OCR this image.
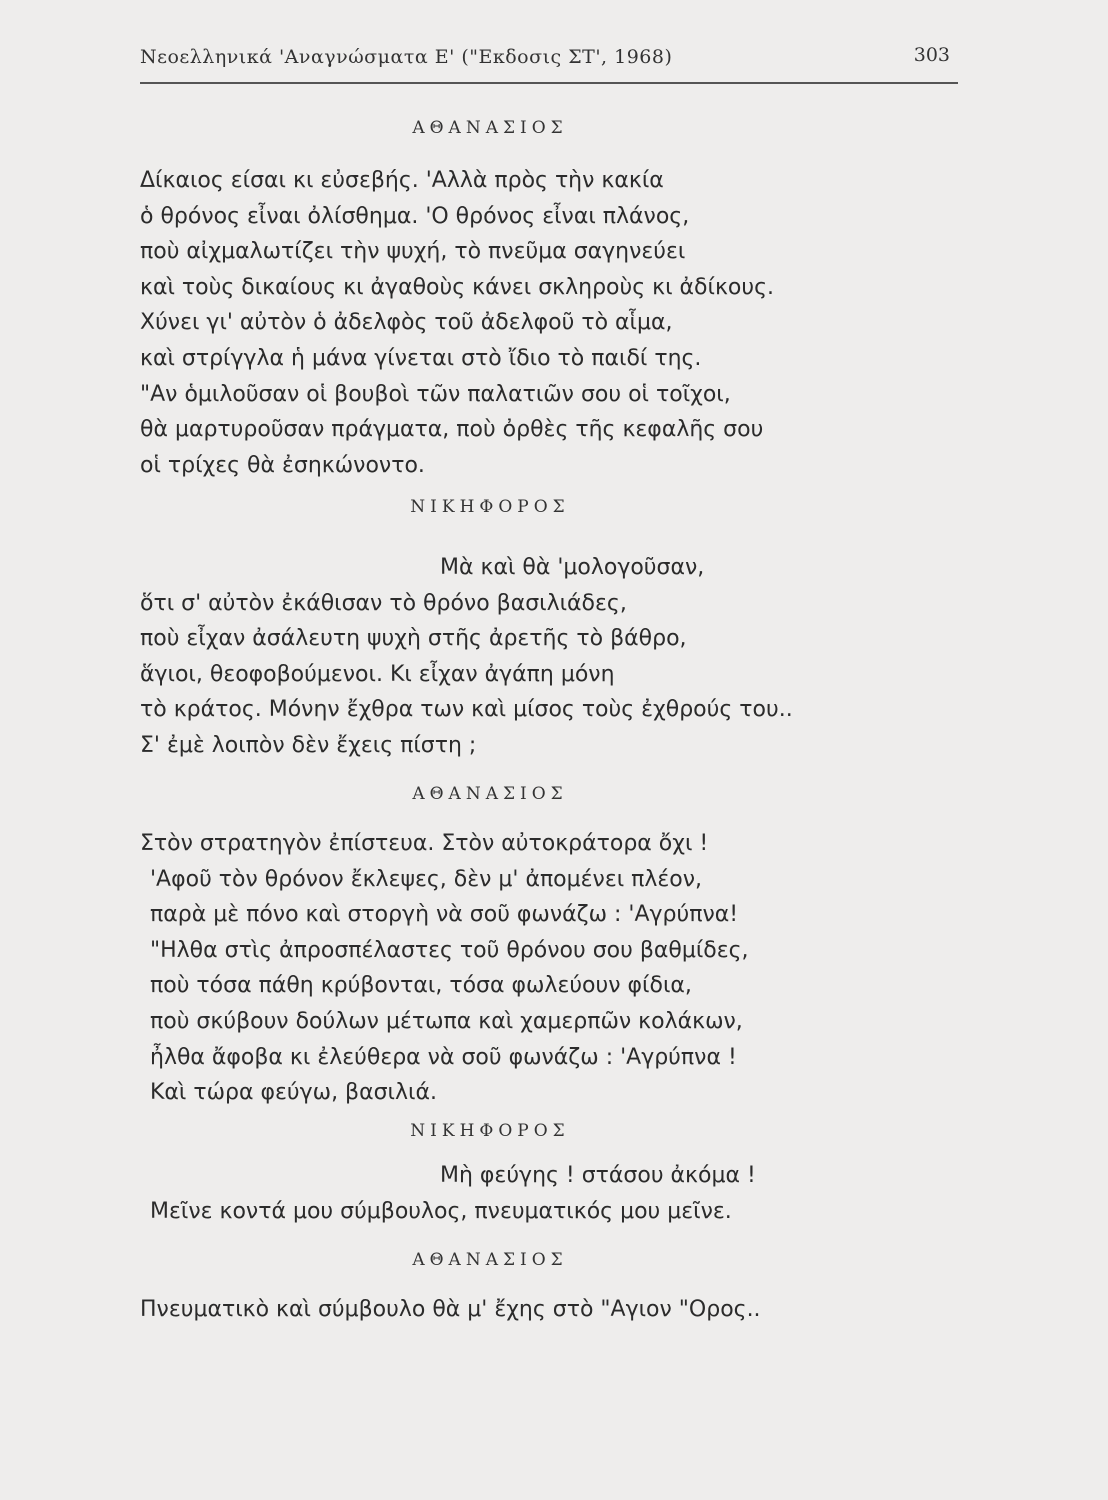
Νεοελληνικά 'Αναγνώσματα Ε' ("Εκδοσις ΣΤ', 1968)	303
ΑΘΑΝΑΣΙΟΣ
Δίκαιος είσαι κι εὐσεβής. 'Αλλὰ πρὸς τὴν κακία
ὁ θρόνος εἶναι ὀλίσθημα. 'Ο θρόνος εἶναι πλάνος,
ποὺ αἰχμαλωτίζει τὴν ψυχή, τὸ πνεῦμα σαγηνεύει
καὶ τοὺς δικαίους κι ἀγαθοὺς κάνει σκληροὺς κι ἀδίκους.
Χύνει γι' αὐτὸν ὁ ἀδελφὸς τοῦ ἀδελφοῦ τὸ αἷμα,
καὶ στρίγγλα ἡ μάνα γίνεται στὸ ἴδιο τὸ παιδί της.
"Αν ὁμιλοῦσαν οἱ βουβοὶ τῶν παλατιῶν σου οἱ τοῖχοι,
θὰ μαρτυροῦσαν πράγματα, ποὺ ὀρθὲς τῆς κεφαλῆς σου
οἱ τρίχες θὰ ἐσηκώνοντο.
ΝΙΚΗΦΟΡΟΣ
Μὰ καὶ θὰ 'μολογοῦσαν,
ὅτι σ' αὐτὸν ἐκάθισαν τὸ θρόνο βασιλιάδες,
ποὺ εἶχαν ἀσάλευτη ψυχὴ στῆς ἀρετῆς τὸ βάθρο,
ἅγιοι, θεοφοβούμενοι. Κι εἶχαν ἀγάπη μόνη
τὸ κράτος. Μόνην ἔχθρα των καὶ μίσος τοὺς ἐχθρούς του..
Σ' ἐμὲ λοιπὸν δὲν ἔχεις πίστη ;
ΑΘΑΝΑΣΙΟΣ
Στὸν στρατηγὸν ἐπίστευα. Στὸν αὐτοκράτορα ὄχι !
'Αφοῦ τὸν θρόνον ἔκλεψες, δὲν μ' ἀπομένει πλέον,
παρὰ μὲ πόνο καὶ στοργὴ νὰ σοῦ φωνάζω : 'Αγρύπνα!
"Ηλθα στὶς ἀπροσπέλαστες τοῦ θρόνου σου βαθμίδες,
ποὺ τόσα πάθη κρύβονται, τόσα φωλεύουν φίδια,
ποὺ σκύβουν δούλων μέτωπα καὶ χαμερπῶν κολάκων,
ἦλθα ἄφοβα κι ἐλεύθερα νὰ σοῦ φωνάζω : 'Αγρύπνα !
Καὶ τώρα φεύγω, βασιλιά.
ΝΙΚΗΦΟΡΟΣ
Μὴ φεύγης ! στάσου ἀκόμα !
Μεῖνε κοντά μου σύμβουλος, πνευματικός μου μεῖνε.
ΑΘΑΝΑΣΙΟΣ
Πνευματικὸ καὶ σύμβουλο θὰ μ' ἔχης στὸ "Αγιον "Ορος..
